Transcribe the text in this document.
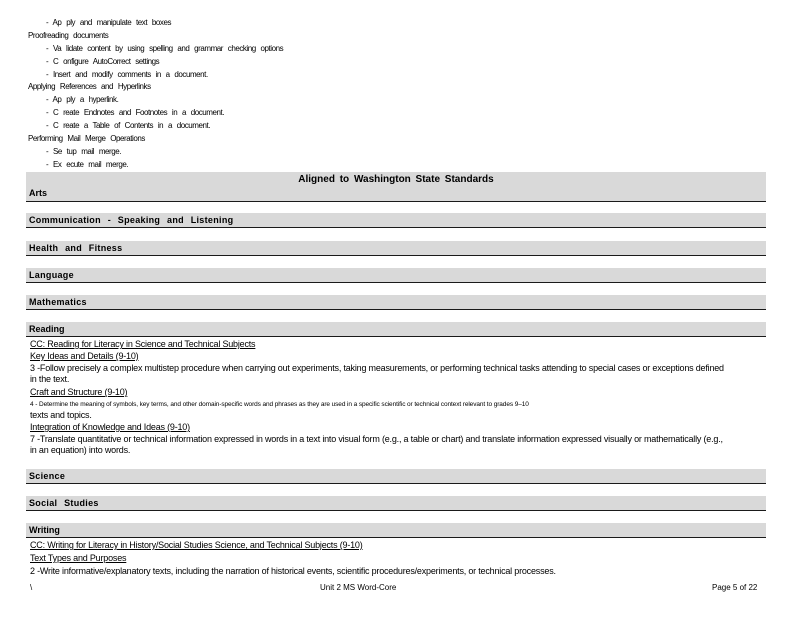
- Ap ply and manipulate text boxes
Proofreading documents
- Va lidate content by using spelling and grammar checking options
- C onfigure AutoCorrect settings
- Insert and modify comments in a document.
Applying References and Hyperlinks
- Ap ply a hyperlink.
- C reate Endnotes and Footnotes in a document.
- C reate a Table of Contents in a document.
Performing Mail Merge Operations
- Se tup mail merge.
- Ex ecute mail merge.
Aligned to Washington State Standards
Arts
Communication - Speaking and Listening
Health and Fitness
Language
Mathematics
Reading
CC: Reading for Literacy in Science and Technical Subjects
Key Ideas and Details (9-10)
3 -Follow precisely a complex multistep procedure when carrying out experiments, taking measurements, or performing technical tasks attending to special cases or exceptions defined in the text.
Craft and Structure (9-10)
4 - Determine the meaning of symbols, key terms, and other domain-specific words and phrases as they are used in a specific scientific or technical context relevant to grades 9–10
texts and topics.
Integration of Knowledge and Ideas (9-10)
7 -Translate quantitative or technical information expressed in words in a text into visual form (e.g., a table or chart) and translate information expressed visually or mathematically (e.g., in an equation) into words.
Science
Social Studies
Writing
CC: Writing for Literacy in History/Social Studies Science, and Technical Subjects (9-10)
Text Types and Purposes
2 -Write informative/explanatory texts, including the narration of historical events, scientific procedures/experiments, or technical processes.
\	Unit 2 MS Word-Core	Page 5 of 22
